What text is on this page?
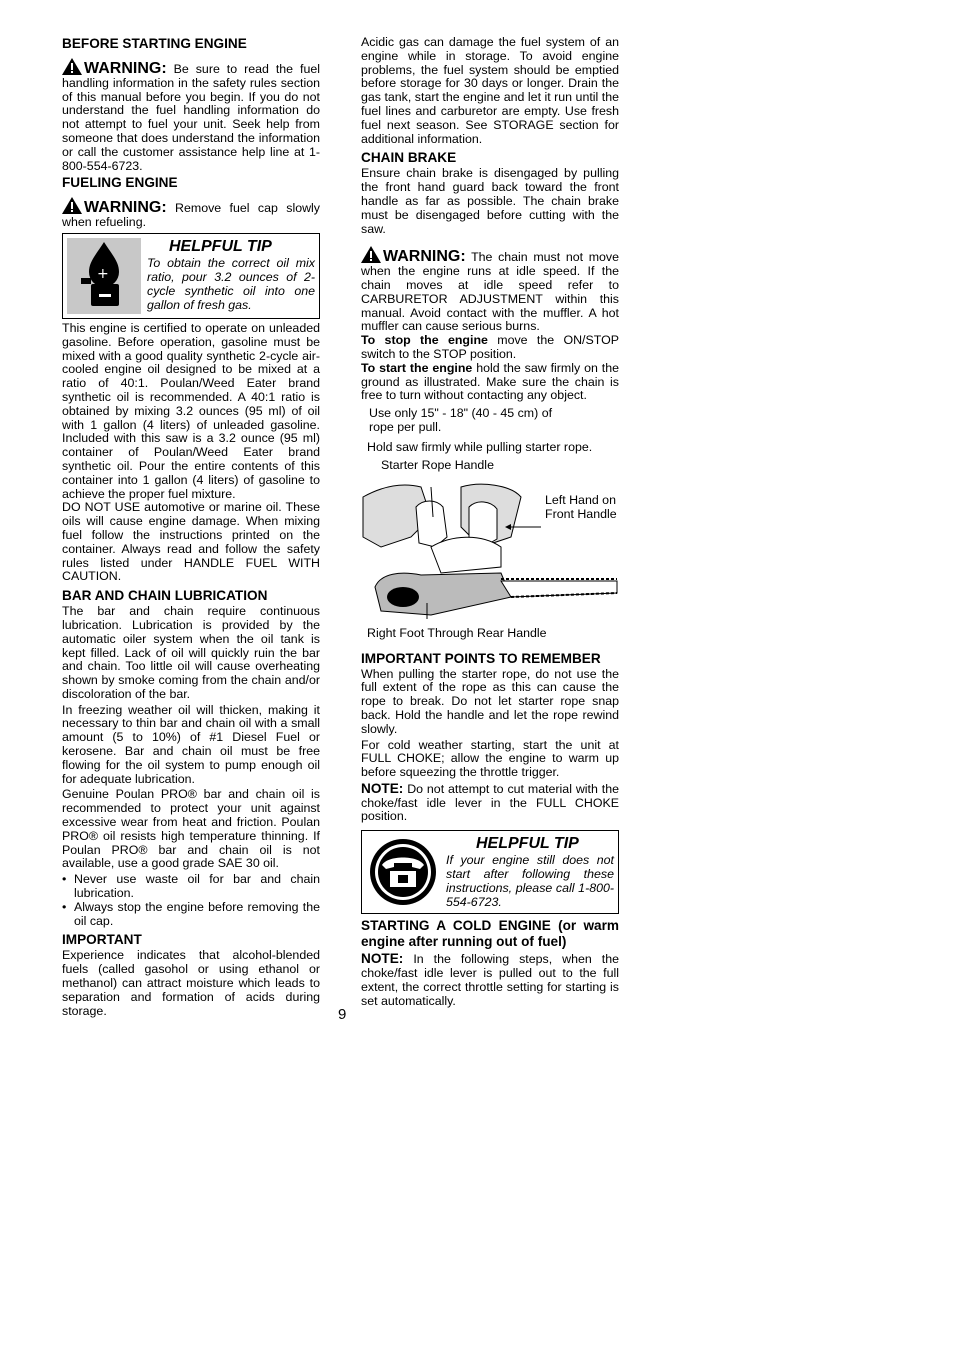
BEFORE STARTING ENGINE

WARNING: Be sure to read the fuel handling information in the safety rules section of this manual before you begin. If you do not understand the fuel handling information do not attempt to fuel your unit. Seek help from someone that does understand the information or call the customer assistance help line at 1-800-554-6723.

FUELING ENGINE

WARNING: Remove fuel cap slowly when refueling.

+
HELPFUL TIP
To obtain the correct oil mix ratio, pour 3.2 ounces of 2-cycle synthetic oil into one gallon of fresh gas.

This engine is certified to operate on unleaded gasoline. Before operation, gasoline must be mixed with a good quality synthetic 2-cycle air-cooled engine oil designed to be mixed at a ratio of 40:1. Poulan/Weed Eater brand synthetic oil is recommended. A 40:1 ratio is obtained by mixing 3.2 ounces (95 ml) of oil with 1 gallon (4 liters) of unleaded gasoline. Included with this saw is a 3.2 ounce (95 ml) container of Poulan/Weed Eater brand synthetic oil. Pour the entire contents of this container into 1 gallon (4 liters) of gasoline to achieve the proper fuel mixture.

DO NOT USE automotive or marine oil. These oils will cause engine damage. When mixing fuel follow the instructions printed on the container. Always read and follow the safety rules listed under HANDLE FUEL WITH CAUTION.

BAR AND CHAIN LUBRICATION

The bar and chain require continuous lubrication. Lubrication is provided by the automatic oiler system when the oil tank is kept filled. Lack of oil will quickly ruin the bar and chain. Too little oil will cause overheating shown by smoke coming from the chain and/or discoloration of the bar.

In freezing weather oil will thicken, making it necessary to thin bar and chain oil with a small amount (5 to 10%) of #1 Diesel Fuel or kerosene. Bar and chain oil must be free flowing for the oil system to pump enough oil for adequate lubrication.

Genuine Poulan PRO® bar and chain oil is recommended to protect your unit against excessive wear from heat and friction. Poulan PRO® oil resists high temperature thinning. If Poulan PRO® bar and chain oil is not available, use a good grade SAE 30 oil.

• Never use waste oil for bar and chain lubrication.
• Always stop the engine before removing the oil cap.
IMPORTANT

Experience indicates that alcohol-blended fuels (called gasohol or using ethanol or methanol) can attract moisture which leads to separation and formation of acids during storage.

Acidic gas can damage the fuel system of an engine while in storage. To avoid engine problems, the fuel system should be emptied before storage for 30 days or longer. Drain the gas tank, start the engine and let it run until the fuel lines and carburetor are empty. Use fresh fuel next season. See STORAGE section for additional information.

CHAIN BRAKE

Ensure chain brake is disengaged by pulling the front hand guard back toward the front handle as far as possible. The chain brake must be disengaged before cutting with the saw.

WARNING: The chain must not move when the engine runs at idle speed. If the chain moves at idle speed refer to CARBURETOR ADJUSTMENT within this manual. Avoid contact with the muffler. A hot muffler can cause serious burns.

To stop the engine move the ON/STOP switch to the STOP position.

To start the engine hold the saw firmly on the ground as illustrated. Make sure the chain is free to turn without contacting any object.

Use only 15" - 18" (40 - 45 cm) of rope per pull.

Hold saw firmly while pulling starter rope.

Starter Rope Handle
Left Hand on Front Handle
Right Foot Through Rear Handle
IMPORTANT POINTS TO REMEMBER

When pulling the starter rope, do not use the full extent of the rope as this can cause the rope to break. Do not let starter rope snap back. Hold the handle and let the rope rewind slowly.

For cold weather starting, start the unit at FULL CHOKE; allow the engine to warm up before squeezing the throttle trigger.

NOTE: Do not attempt to cut material with the choke/fast idle lever in the FULL CHOKE position.

HELPFUL TIP
If your engine still does not start after following these instructions, please call 1-800-554-6723.
STARTING A COLD ENGINE (or warm engine after running out of fuel)

NOTE: In the following steps, when the choke/fast idle lever is pulled out to the full extent, the correct throttle setting for starting is set automatically.

9
